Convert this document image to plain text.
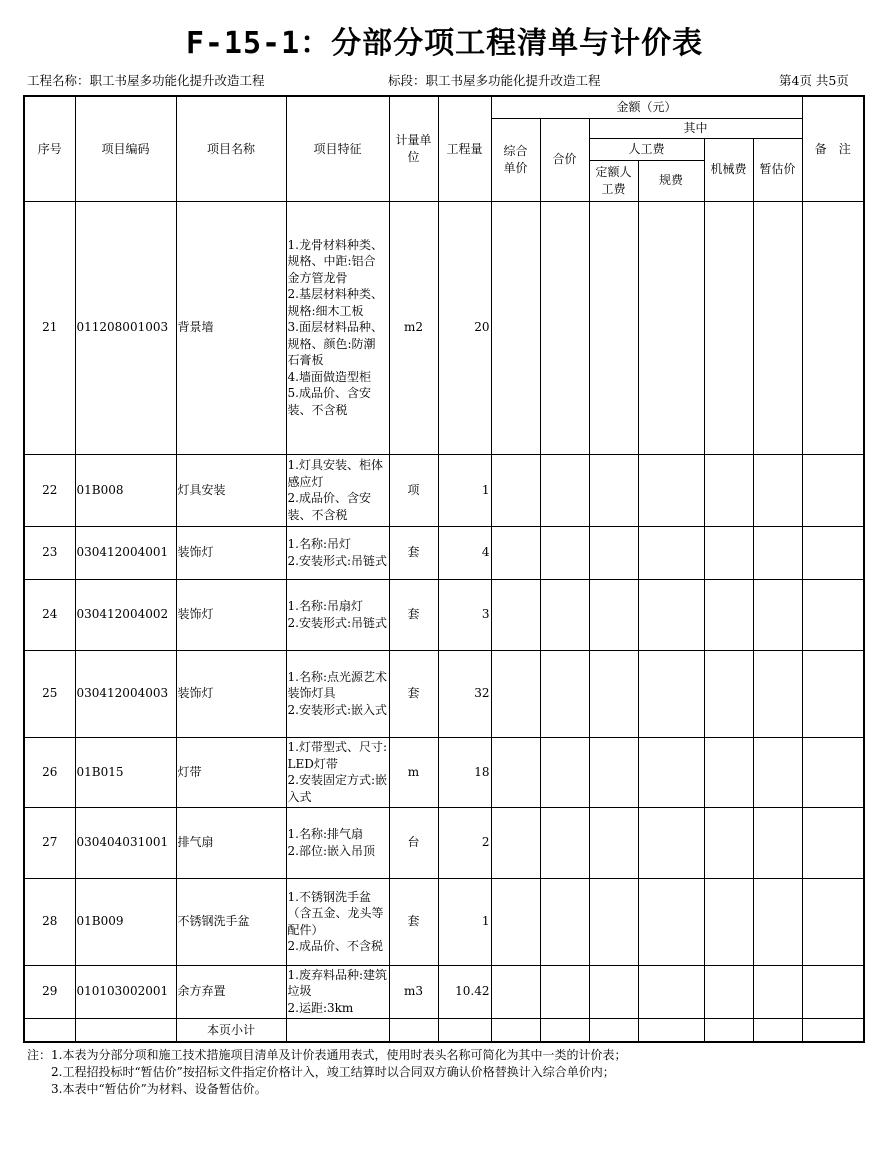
F-15-1：分部分项工程清单与计价表
工程名称：职工书屋多功能化提升改造工程	标段：职工书屋多功能化提升改造工程	第4页 共5页
序号	项目编码	项目名称	项目特征	计量单位	工程量	金额（元）						备　注
						综合单价	合价	其中				
								人工费		机械费	暂估价	
								定额人工费	规费			
21	011208001003	背景墙	1.龙骨材料种类、规格、中距:铝合金方管龙骨
2.基层材料种类、规格:细木工板
3.面层材料品种、规格、颜色:防潮石膏板
4.墙面做造型柜
5.成品价、含安装、不含税	m2	20							
22	01B008	灯具安装	1.灯具安装、柜体感应灯
2.成品价、含安装、不含税	项	1							
23	030412004001	装饰灯	1.名称:吊灯
2.安装形式:吊链式	套	4							
24	030412004002	装饰灯	1.名称:吊扇灯
2.安装形式:吊链式	套	3							
25	030412004003	装饰灯	1.名称:点光源艺术装饰灯具
2.安装形式:嵌入式	套	32							
26	01B015	灯带	1.灯带型式、尺寸:LED灯带
2.安装固定方式:嵌入式	m	18							
27	030404031001	排气扇	1.名称:排气扇
2.部位:嵌入吊顶	台	2							
28	01B009	不锈钢洗手盆	1.不锈钢洗手盆（含五金、龙头等配件）
2.成品价、不含税	套	1							
29	010103002001	余方弃置	1.废弃料品种:建筑垃圾
2.运距:3km	m3	10.42							
		本页小计										
注：1.本表为分部分项和施工技术措施项目清单及计价表通用表式，使用时表头名称可简化为其中一类的计价表；
　　2.工程招投标时“暂估价”按招标文件指定价格计入，竣工结算时以合同双方确认价格替换计入综合单价内；
　　3.本表中“暂估价”为材料、设备暂估价。
